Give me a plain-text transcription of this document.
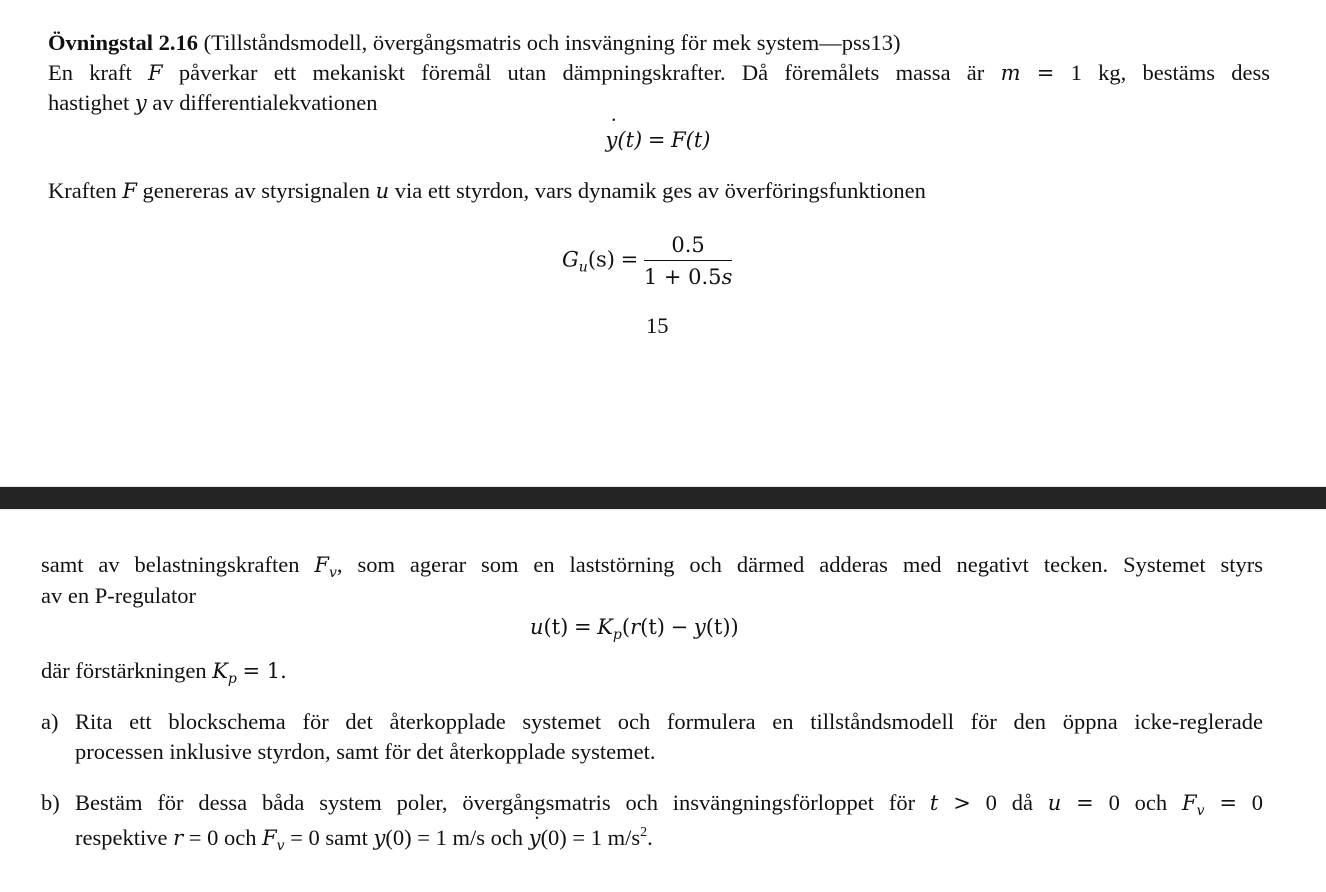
Övningstal 2.16 (Tillståndsmodell, övergångsmatris och insvängning för mek system—pss13)
En kraft F påverkar ett mekaniskt föremål utan dämpningskrafter. Då föremålets massa är m = 1 kg, bestäms dess
hastighet y av differentialekvationen
˙ y(t) = F(t)
Kraften F genereras av styrsignalen u via ett styrdon, vars dynamik ges av överföringsfunktionen
$G_u(s) = \frac{0.5}{1 + 0.5s}$
15
samt av belastningskraften $F_v$, som agerar som en laststörning och därmed adderas med negativt tecken. Systemet styrs
av en P-regulator
$u(t) = K_p(r(t) - y(t))$
där förstärkningen $K_p = 1$.
a) Rita ett blockschema för det återkopplade systemet och formulera en tillståndsmodell för den öppna icke-reglerade
processen inklusive styrdon, samt för det återkopplade systemet.
b) Bestäm för dessa båda system poler, övergångsmatris och insvängningsförloppet för t > 0 då u = 0 och $F_v = 0$
respektive r = 0 och $F_v = 0$ samt y(0) = 1 m/s och ˙ y(0) = 1 $m/s^2$.
